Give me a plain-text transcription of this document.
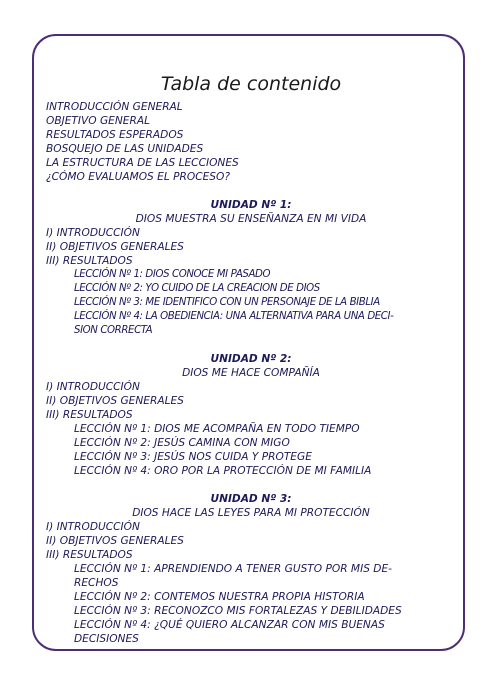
Tabla de contenido
INTRODUCCIÓN GENERAL
OBJETIVO GENERAL
RESULTADOS ESPERADOS
BOSQUEJO DE LAS UNIDADES
LA ESTRUCTURA DE LAS LECCIONES
¿CÓMO EVALUAMOS EL PROCESO?
UNIDAD Nº 1:
DIOS MUESTRA SU ENSEÑANZA EN MI VIDA
I) INTRODUCCIÓN
II) OBJETIVOS GENERALES
III) RESULTADOS
LECCIÓN Nº 1: DIOS CONOCE MI PASADO
LECCIÓN Nº 2: YO CUIDO DE LA CREACION DE DIOS
LECCIÓN Nº 3: ME IDENTIFICO CON UN PERSONAJE DE LA BIBLIA
LECCIÓN Nº 4: LA OBEDIENCIA: UNA ALTERNATIVA PARA UNA DECI-
SION CORRECTA
UNIDAD Nº 2:
DIOS ME HACE COMPAÑÍA
I) INTRODUCCIÓN
II) OBJETIVOS GENERALES
III) RESULTADOS
LECCIÓN Nº 1: DIOS ME ACOMPAÑA EN TODO TIEMPO
LECCIÓN Nº 2: JESÚS CAMINA CON MIGO
LECCIÓN Nº 3: JESÚS NOS CUIDA Y PROTEGE
LECCIÓN Nº 4: ORO POR LA PROTECCIÓN DE MI FAMILIA
UNIDAD Nº 3:
DIOS HACE LAS LEYES PARA MI PROTECCIÓN
I) INTRODUCCIÓN
II) OBJETIVOS GENERALES
III) RESULTADOS
LECCIÓN Nº 1: APRENDIENDO A TENER GUSTO POR MIS DE-
RECHOS
LECCIÓN Nº 2: CONTEMOS NUESTRA PROPIA HISTORIA
LECCIÓN Nº 3: RECONOZCO MIS FORTALEZAS Y DEBILIDADES
LECCIÓN Nº 4: ¿QUÉ QUIERO ALCANZAR CON MIS BUENAS
DECISIONES
